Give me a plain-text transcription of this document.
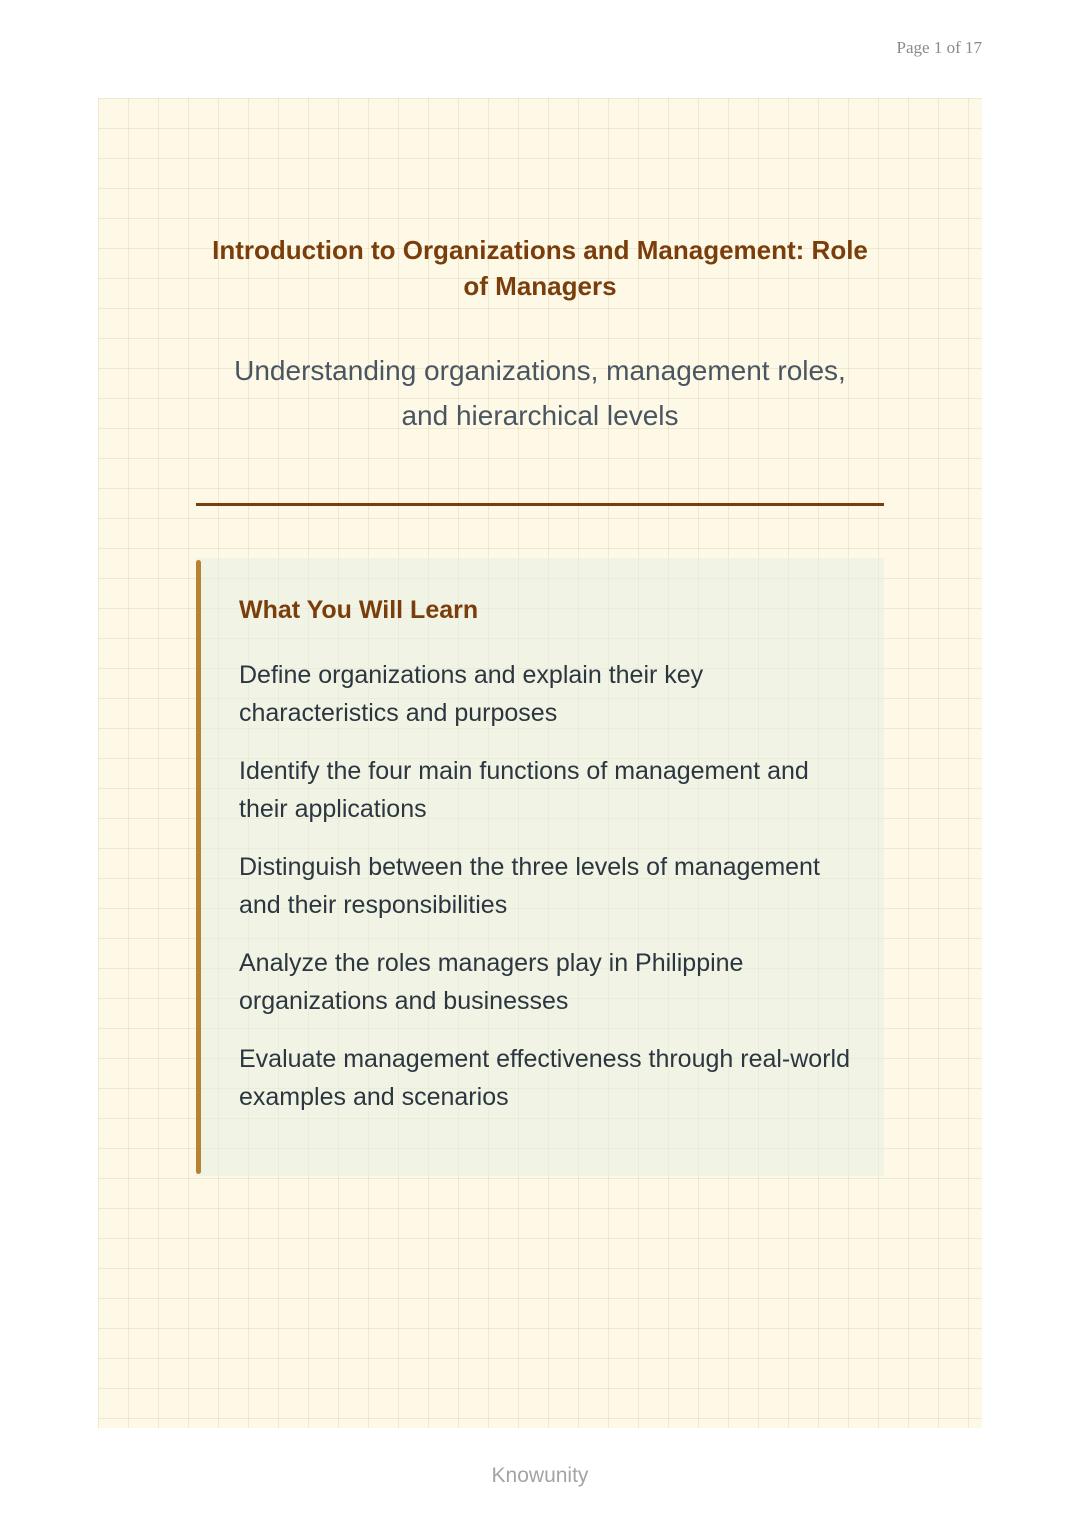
Page 1 of 17
Introduction to Organizations and Management: Role of Managers

Understanding organizations, management roles, and hierarchical levels

What You Will Learn
Define organizations and explain their key characteristics and purposes
Identify the four main functions of management and their applications
Distinguish between the three levels of management and their responsibilities
Analyze the roles managers play in Philippine organizations and businesses
Evaluate management effectiveness through real-world examples and scenarios
Knowunity
